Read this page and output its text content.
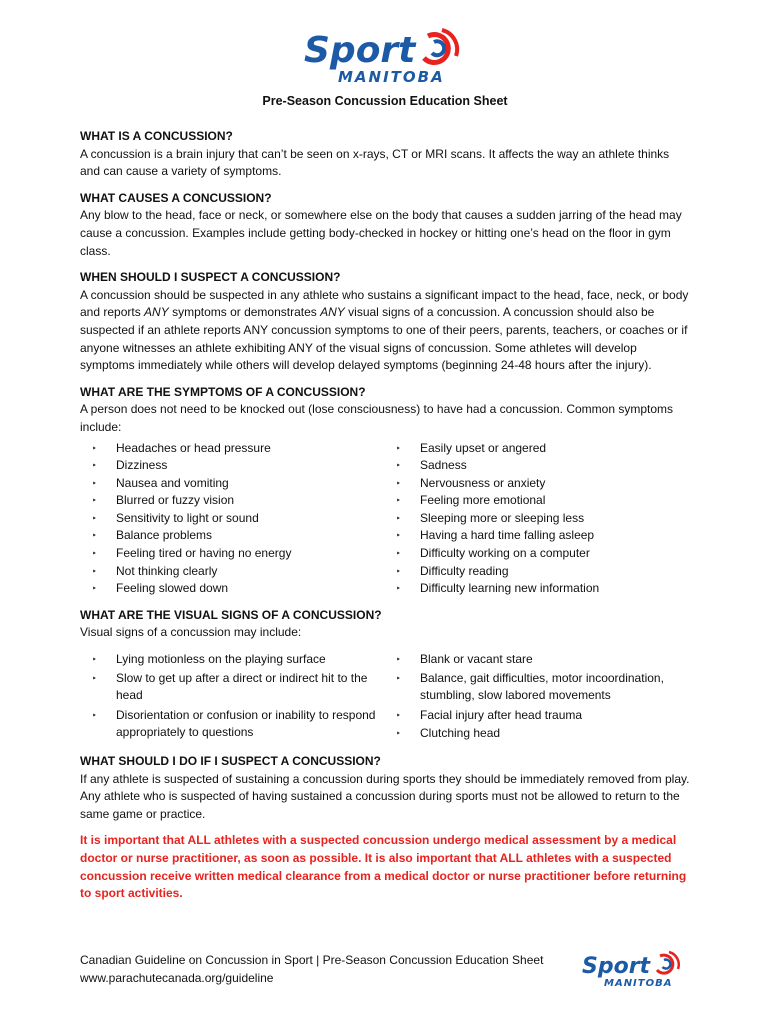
Sport
MANITOBA
Pre-Season Concussion Education Sheet
WHAT IS A CONCUSSION?

A concussion is a brain injury that can’t be seen on x-rays, CT or MRI scans. It affects the way an athlete thinks and can cause a variety of symptoms.

WHAT CAUSES A CONCUSSION?

Any blow to the head, face or neck, or somewhere else on the body that causes a sudden jarring of the head may cause a concussion. Examples include getting body-checked in hockey or hitting one’s head on the floor in gym class.

WHEN SHOULD I SUSPECT A CONCUSSION?

A concussion should be suspected in any athlete who sustains a significant impact to the head, face, neck, or body and reports ANY symptoms or demonstrates ANY visual signs of a concussion. A concussion should also be suspected if an athlete reports ANY concussion symptoms to one of their peers, parents, teachers, or coaches or if anyone witnesses an athlete exhibiting ANY of the visual signs of concussion. Some athletes will develop symptoms immediately while others will develop delayed symptoms (beginning 24-48 hours after the injury).

WHAT ARE THE SYMPTOMS OF A CONCUSSION?

A person does not need to be knocked out (lose consciousness) to have had a concussion. Common symptoms include:

‣ Headaches or head pressure
‣ Dizziness
‣ Nausea and vomiting
‣ Blurred or fuzzy vision
‣ Sensitivity to light or sound
‣ Balance problems
‣ Feeling tired or having no energy
‣ Not thinking clearly
‣ Feeling slowed down
‣ Easily upset or angered
‣ Sadness
‣ Nervousness or anxiety
‣ Feeling more emotional
‣ Sleeping more or sleeping less
‣ Having a hard time falling asleep
‣ Difficulty working on a computer
‣ Difficulty reading
‣ Difficulty learning new information
WHAT ARE THE VISUAL SIGNS OF A CONCUSSION?

Visual signs of a concussion may include:

‣ Lying motionless on the playing surface
‣ Slow to get up after a direct or indirect hit to the head
‣ Disorientation or confusion or inability to respond appropriately to questions
‣ Blank or vacant stare
‣ Balance, gait difficulties, motor incoordination, stumbling, slow labored movements
‣ Facial injury after head trauma
‣ Clutching head
WHAT SHOULD I DO IF I SUSPECT A CONCUSSION?

If any athlete is suspected of sustaining a concussion during sports they should be immediately removed from play. Any athlete who is suspected of having sustained a concussion during sports must not be allowed to return to the same game or practice.

It is important that ALL athletes with a suspected concussion undergo medical assessment by a medical doctor or nurse practitioner, as soon as possible. It is also important that ALL athletes with a suspected concussion receive written medical clearance from a medical doctor or nurse practitioner before returning to sport activities.

Canadian Guideline on Concussion in Sport | Pre-Season Concussion Education Sheet
www.parachutecanada.org/guideline	Sport
MANITOBA
